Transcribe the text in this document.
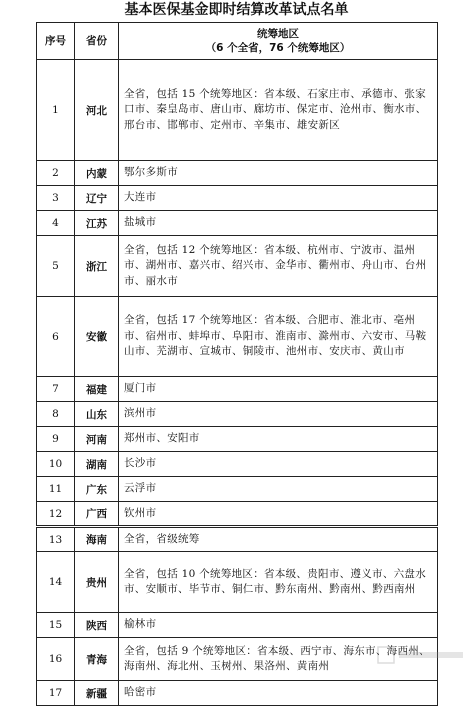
基本医保基金即时结算改革试点名单
序号	省份	统筹地区
（6 个全省，76 个统筹地区）

1	河北	全省，包括 15 个统筹地区：省本级、石家庄市、承德市、张家口市、秦皇岛市、唐山市、廊坊市、保定市、沧州市、衡水市、邢台市、邯郸市、定州市、辛集市、雄安新区
2	内蒙	鄂尔多斯市
3	辽宁	大连市
4	江苏	盐城市
5	浙江	全省，包括 12 个统筹地区：省本级、杭州市、宁波市、温州市、湖州市、嘉兴市、绍兴市、金华市、衢州市、舟山市、台州市、丽水市
6	安徽	全省，包括 17 个统筹地区：省本级、合肥市、淮北市、亳州市、宿州市、蚌埠市、阜阳市、淮南市、滁州市、六安市、马鞍山市、芜湖市、宣城市、铜陵市、池州市、安庆市、黄山市
7	福建	厦门市
8	山东	滨州市
9	河南	郑州市、安阳市
10	湖南	长沙市
11	广东	云浮市
12	广西	钦州市
13	海南	全省，省级统筹
14	贵州	全省，包括 10 个统筹地区：省本级、贵阳市、遵义市、六盘水市、安顺市、毕节市、铜仁市、黔东南州、黔南州、黔西南州
15	陕西	榆林市
16	青海	全省，包括 9 个统筹地区：省本级、西宁市、海东市、海西州、海南州、海北州、玉树州、果洛州、黄南州
17	新疆	哈密市
